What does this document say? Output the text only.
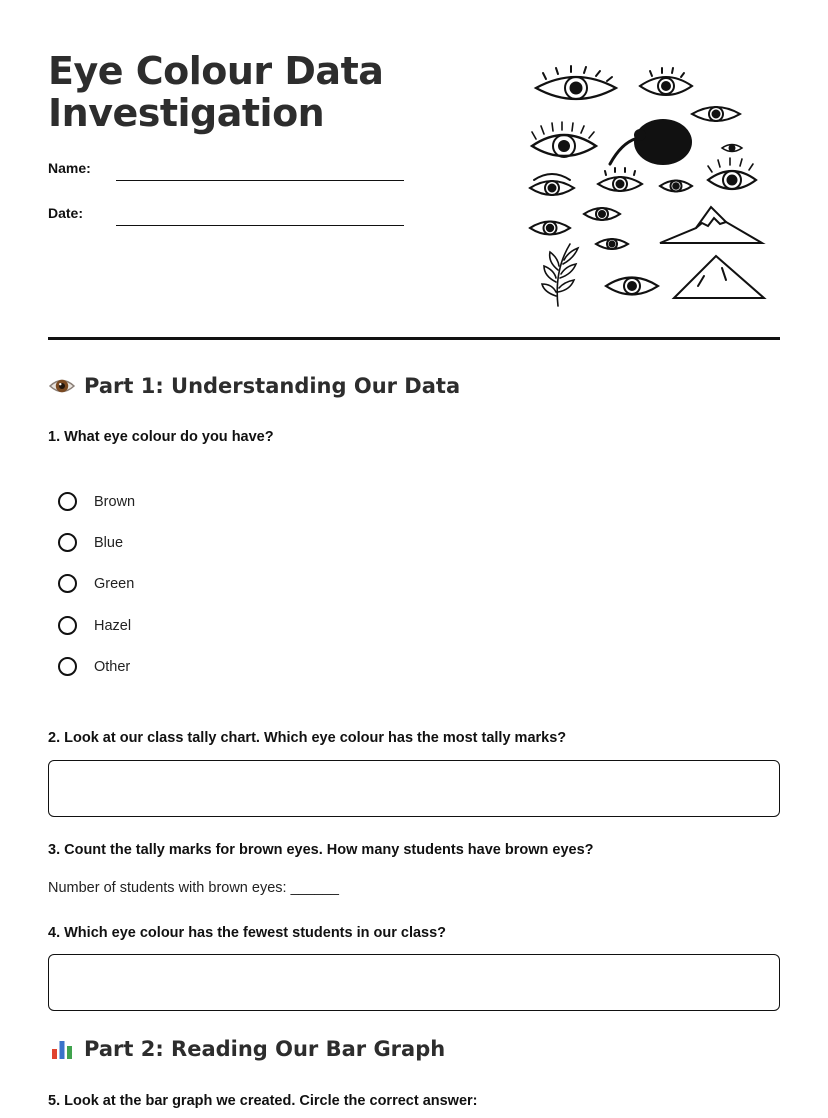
Eye Colour Data
Investigation
Name:
Date:
Part 1: Understanding Our Data
1. What eye colour do you have?
Brown
Blue
Green
Hazel
Other
2. Look at our class tally chart. Which eye colour has the most tally marks?
3. Count the tally marks for brown eyes. How many students have brown eyes?
Number of students with brown eyes: ______
4. Which eye colour has the fewest students in our class?
Part 2: Reading Our Bar Graph
5. Look at the bar graph we created. Circle the correct answer:
